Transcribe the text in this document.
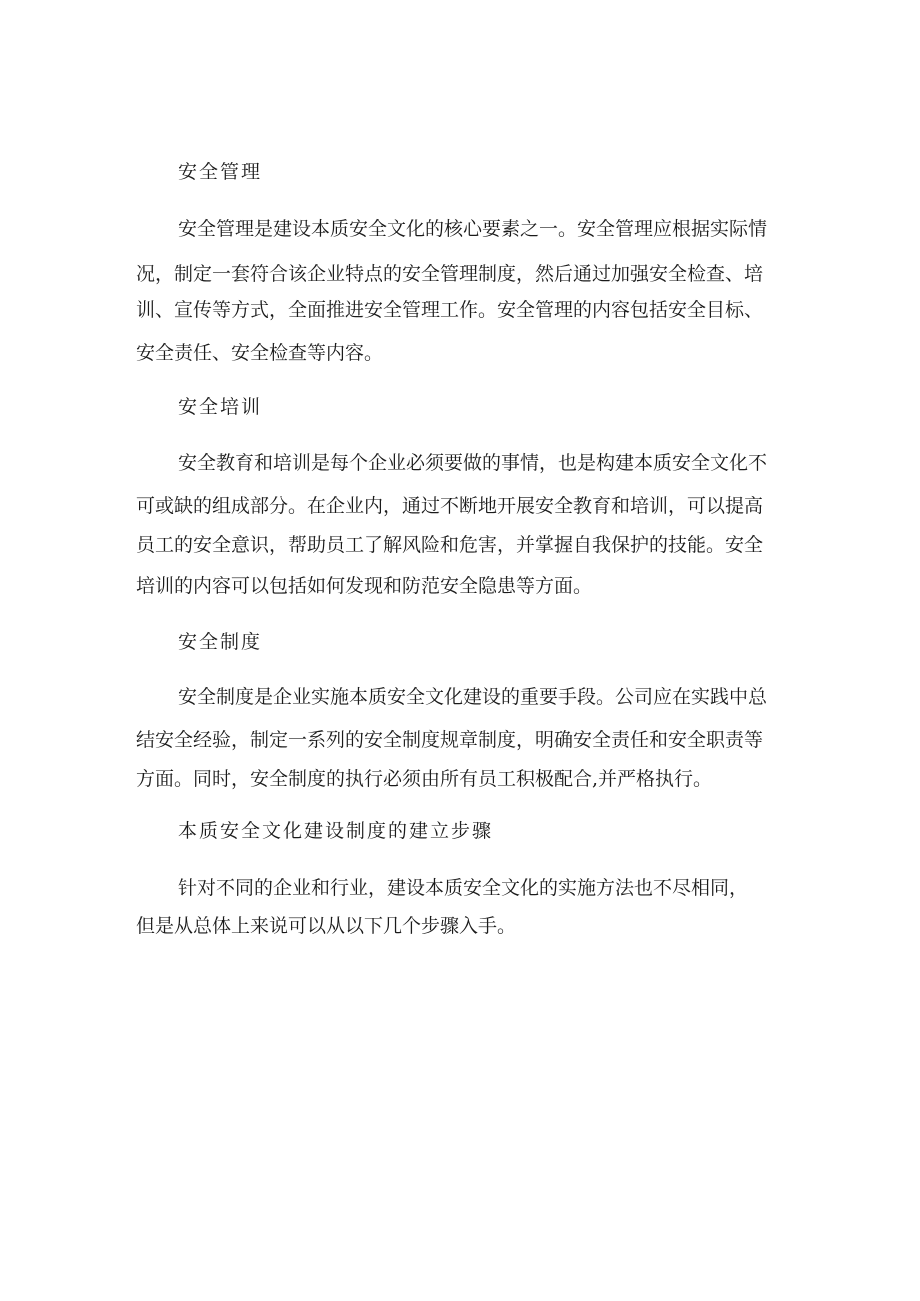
安全管理

安全管理是建设本质安全文化的核心要素之一。安全管理应根据实际情

况，制定一套符合该企业特点的安全管理制度，然后通过加强安全检查、培

训、宣传等方式，全面推进安全管理工作。安全管理的内容包括安全目标、

安全责任、安全检查等内容。

安全培训

安全教育和培训是每个企业必须要做的事情，也是构建本质安全文化不

可或缺的组成部分。在企业内，通过不断地开展安全教育和培训，可以提高

员工的安全意识，帮助员工了解风险和危害，并掌握自我保护的技能。安全

培训的内容可以包括如何发现和防范安全隐患等方面。

安全制度

安全制度是企业实施本质安全文化建设的重要手段。公司应在实践中总

结安全经验，制定一系列的安全制度规章制度，明确安全责任和安全职责等

方面。同时，安全制度的执行必须由所有员工积极配合,并严格执行。

本质安全文化建设制度的建立步骤

针对不同的企业和行业，建设本质安全文化的实施方法也不尽相同，

但是从总体上来说可以从以下几个步骤入手。
